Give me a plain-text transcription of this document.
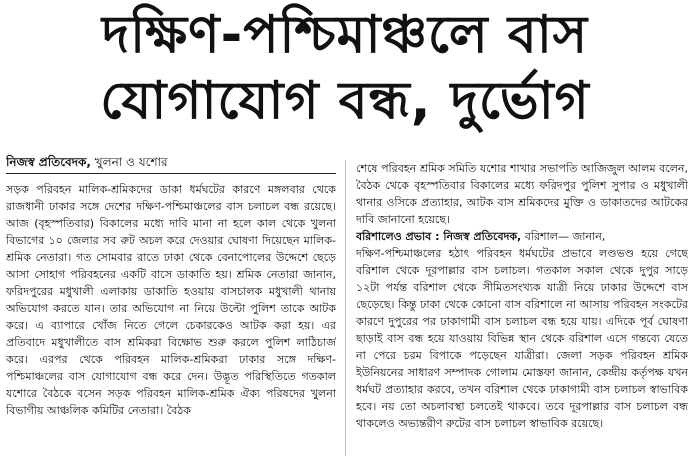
দক্ষিণ-পশ্চিমাঞ্চলে বাস
যোগাযোগ বন্ধ, দুর্ভোগ
নিজস্ব প্রতিবেদক, খুলনা ও যশোর

সড়ক পরিবহন মালিক-শ্রমিকদের ডাকা ধর্মঘটের কারণে মঙ্গলবার থেকে রাজধানী ঢাকার সঙ্গে দেশের দক্ষিণ-পশ্চিমাঞ্চলের বাস চলাচল বন্ধ রয়েছে। আজ (বৃহস্পতিবার) বিকালের মধ্যে দাবি মানা না হলে কাল থেকে খুলনা বিভাগের ১০ জেলার সব রুট অচল করে দেওয়ার ঘোষণা দিয়েছেন মালিক-শ্রমিক নেতারা। গত সোমবার রাতে ঢাকা থেকে বেনাপোলের উদ্দেশে ছেড়ে আসা সোহাগ পরিবহনের একটি বাসে ডাকাতি হয়। শ্রমিক নেতারা জানান, ফরিদপুরের মধুখালী এলাকায় ডাকাতি হওয়ায় বাসচালক মধুখালী থানায় অভিযোগ করতে যান। তার অভিযোগ না নিয়ে উল্টো পুলিশ তাকে আটক করে। এ ব্যাপারে খোঁজ নিতে গেলে চেকারকেও আটক করা হয়। এর প্রতিবাদে মধুখালীতে বাস শ্রমিকরা বিক্ষোভ শুরু করলে পুলিশ লাঠিচার্জ করে। এরপর থেকে পরিবহন মালিক-শ্রমিকরা ঢাকার সঙ্গে দক্ষিণ-পশ্চিমাঞ্চলের বাস যোগাযোগ বন্ধ করে দেন। উদ্ভূত পরিস্থিতিতে গতকাল যশোরে বৈঠকে বসেন সড়ক পরিবহন মালিক-শ্রমিক ঐক্য পরিষদের খুলনা বিভাগীয় আঞ্চলিক কমিটির নেতারা। বৈঠক

শেষে পরিবহন শ্রমিক সমিতি যশোর শাখার সভাপতি আজিজুল আলম বলেন, বৈঠক থেকে বৃহস্পতিবার বিকালের মধ্যে ফরিদপুর পুলিশ সুপার ও মধুখালী থানার ওসিকে প্রত্যাহার, আটক বাস শ্রমিকদের মুক্তি ও ডাকাতদের আটকের দাবি জানানো হয়েছে।

বরিশালেও প্রভাব : নিজস্ব প্রতিবেদক, বরিশাল— জানান,

দক্ষিণ-পশ্চিমাঞ্চলের হঠাৎ পরিবহন ধর্মঘটের প্রভাবে লণ্ডভণ্ড হয়ে গেছে বরিশাল থেকে দূরপাল্লার বাস চলাচল। গতকাল সকাল থেকে দুপুর সাড়ে ১২টা পর্যন্ত বরিশাল থেকে সীমিতসংখ্যক যাত্রী নিয়ে ঢাকার উদ্দেশে বাস ছেড়েছে। কিন্তু ঢাকা থেকে কোনো বাস বরিশালে না আসায় পরিবহন সংকটের কারণে দুপুরের পর ঢাকাগামী বাস চলাচল বন্ধ হয়ে যায়। এদিকে পূর্ব ঘোষণা ছাড়াই বাস বন্ধ হয়ে যাওয়ায় বিভিন্ন স্থান থেকে বরিশাল এসে গন্তব্যে যেতে না পেরে চরম বিপাকে পড়েছেন যাত্রীরা। জেলা সড়ক পরিবহন শ্রমিক ইউনিয়নের সাধারণ সম্পাদক গোলাম মোস্তফা জানান, কেন্দ্রীয় কর্তৃপক্ষ যখন ধর্মঘট প্রত্যাহার করবে, তখন বরিশাল থেকে ঢাকাগামী বাস চলাচল স্বাভাবিক হবে। নয় তো অচলাবস্থা চলতেই থাকবে। তবে দূরপাল্লার বাস চলাচল বন্ধ থাকলেও অভ্যন্তরীণ রুটের বাস চলাচল স্বাভাবিক রয়েছে।
